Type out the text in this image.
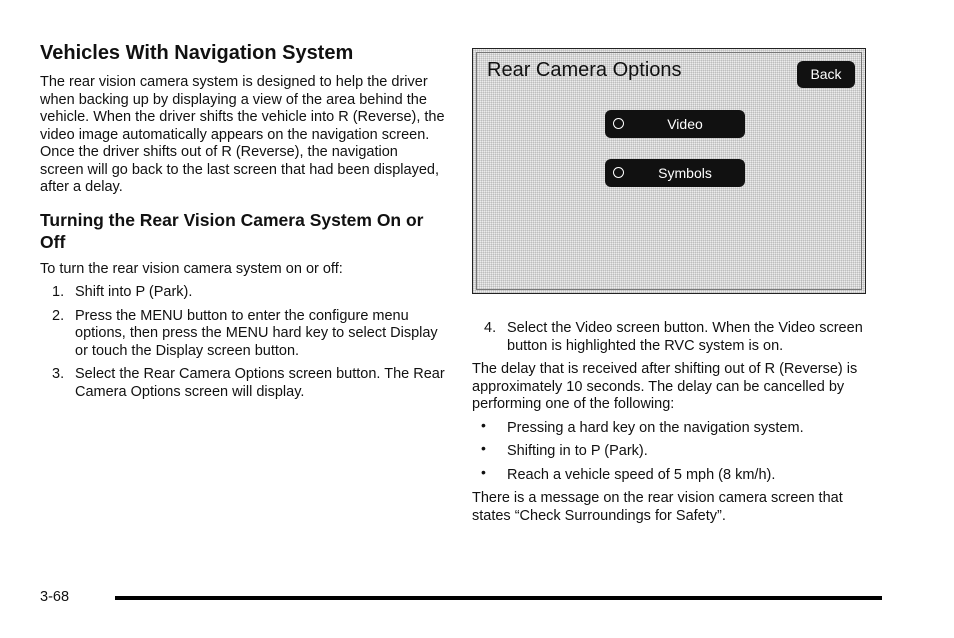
Vehicles With Navigation System

The rear vision camera system is designed to help the driver when backing up by displaying a view of the area behind the vehicle. When the driver shifts the vehicle into R (Reverse), the video image automatically appears on the navigation screen. Once the driver shifts out of R (Reverse), the navigation screen will go back to the last screen that had been displayed, after a delay.

Turning the Rear Vision Camera System On or Off

To turn the rear vision camera system on or off:

1. Shift into P (Park).
2. Press the MENU button to enter the configure menu options, then press the MENU hard key to select Display or touch the Display screen button.
3. Select the Rear Camera Options screen button. The Rear Camera Options screen will display.
Rear Camera Options	Back
Video
Symbols
4. Select the Video screen button. When the Video screen button is highlighted the RVC system is on.

The delay that is received after shifting out of R (Reverse) is approximately 10 seconds. The delay can be cancelled by performing one of the following:

• Pressing a hard key on the navigation system.
• Shifting in to P (Park).
• Reach a vehicle speed of 5 mph (8 km/h).

There is a message on the rear vision camera screen that states “Check Surroundings for Safety”.

3-68
